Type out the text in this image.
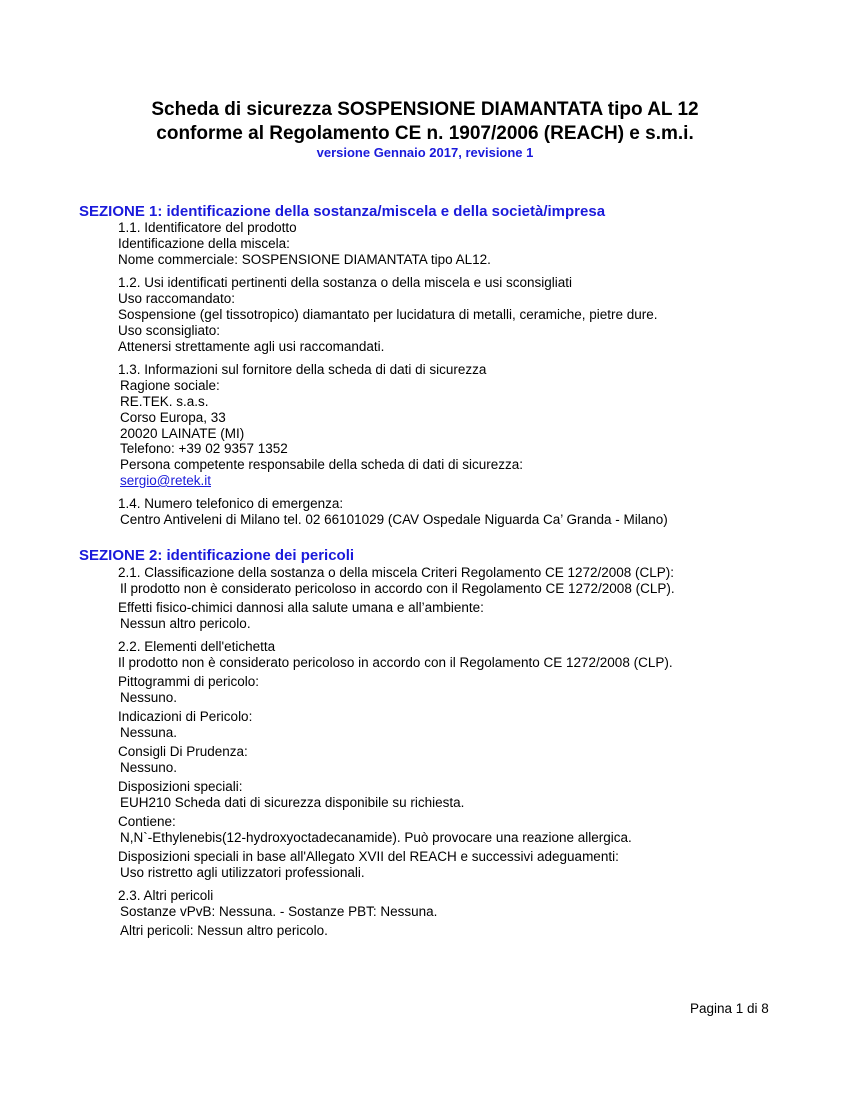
Scheda di sicurezza SOSPENSIONE DIAMANTATA tipo AL 12
conforme al Regolamento CE n. 1907/2006 (REACH) e s.m.i.
versione Gennaio 2017, revisione 1
SEZIONE 1: identificazione della sostanza/miscela e della società/impresa
1.1. Identificatore del prodotto
Identificazione della miscela:
Nome commerciale: SOSPENSIONE DIAMANTATA tipo AL12.
1.2. Usi identificati pertinenti della sostanza o della miscela e usi sconsigliati
Uso raccomandato:
Sospensione (gel tissotropico) diamantato per lucidatura di metalli, ceramiche, pietre dure.
Uso sconsigliato:
Attenersi strettamente agli usi raccomandati.
1.3. Informazioni sul fornitore della scheda di dati di sicurezza
Ragione sociale:
RE.TEK. s.a.s.
Corso Europa, 33
20020 LAINATE (MI)
Telefono: +39 02 9357 1352
Persona competente responsabile della scheda di dati di sicurezza:
sergio@retek.it
1.4. Numero telefonico di emergenza:
Centro Antiveleni di Milano tel. 02 66101029 (CAV Ospedale Niguarda Ca’ Granda - Milano)
SEZIONE 2: identificazione dei pericoli
2.1. Classificazione della sostanza o della miscela Criteri Regolamento CE 1272/2008 (CLP):
Il prodotto non è considerato pericoloso in accordo con il Regolamento CE 1272/2008 (CLP).
Effetti fisico-chimici dannosi alla salute umana e all’ambiente:
Nessun altro pericolo.
2.2. Elementi dell'etichetta
Il prodotto non è considerato pericoloso in accordo con il Regolamento CE 1272/2008 (CLP).
Pittogrammi di pericolo:
Nessuno.
Indicazioni di Pericolo:
Nessuna.
Consigli Di Prudenza:
Nessuno.
Disposizioni speciali:
EUH210 Scheda dati di sicurezza disponibile su richiesta.
Contiene:
N,N`-Ethylenebis(12-hydroxyoctadecanamide). Può provocare una reazione allergica.
Disposizioni speciali in base all'Allegato XVII del REACH e successivi adeguamenti:
Uso ristretto agli utilizzatori professionali.
2.3. Altri pericoli
Sostanze vPvB: Nessuna. - Sostanze PBT: Nessuna.
Altri pericoli: Nessun altro pericolo.
Pagina 1 di 8
